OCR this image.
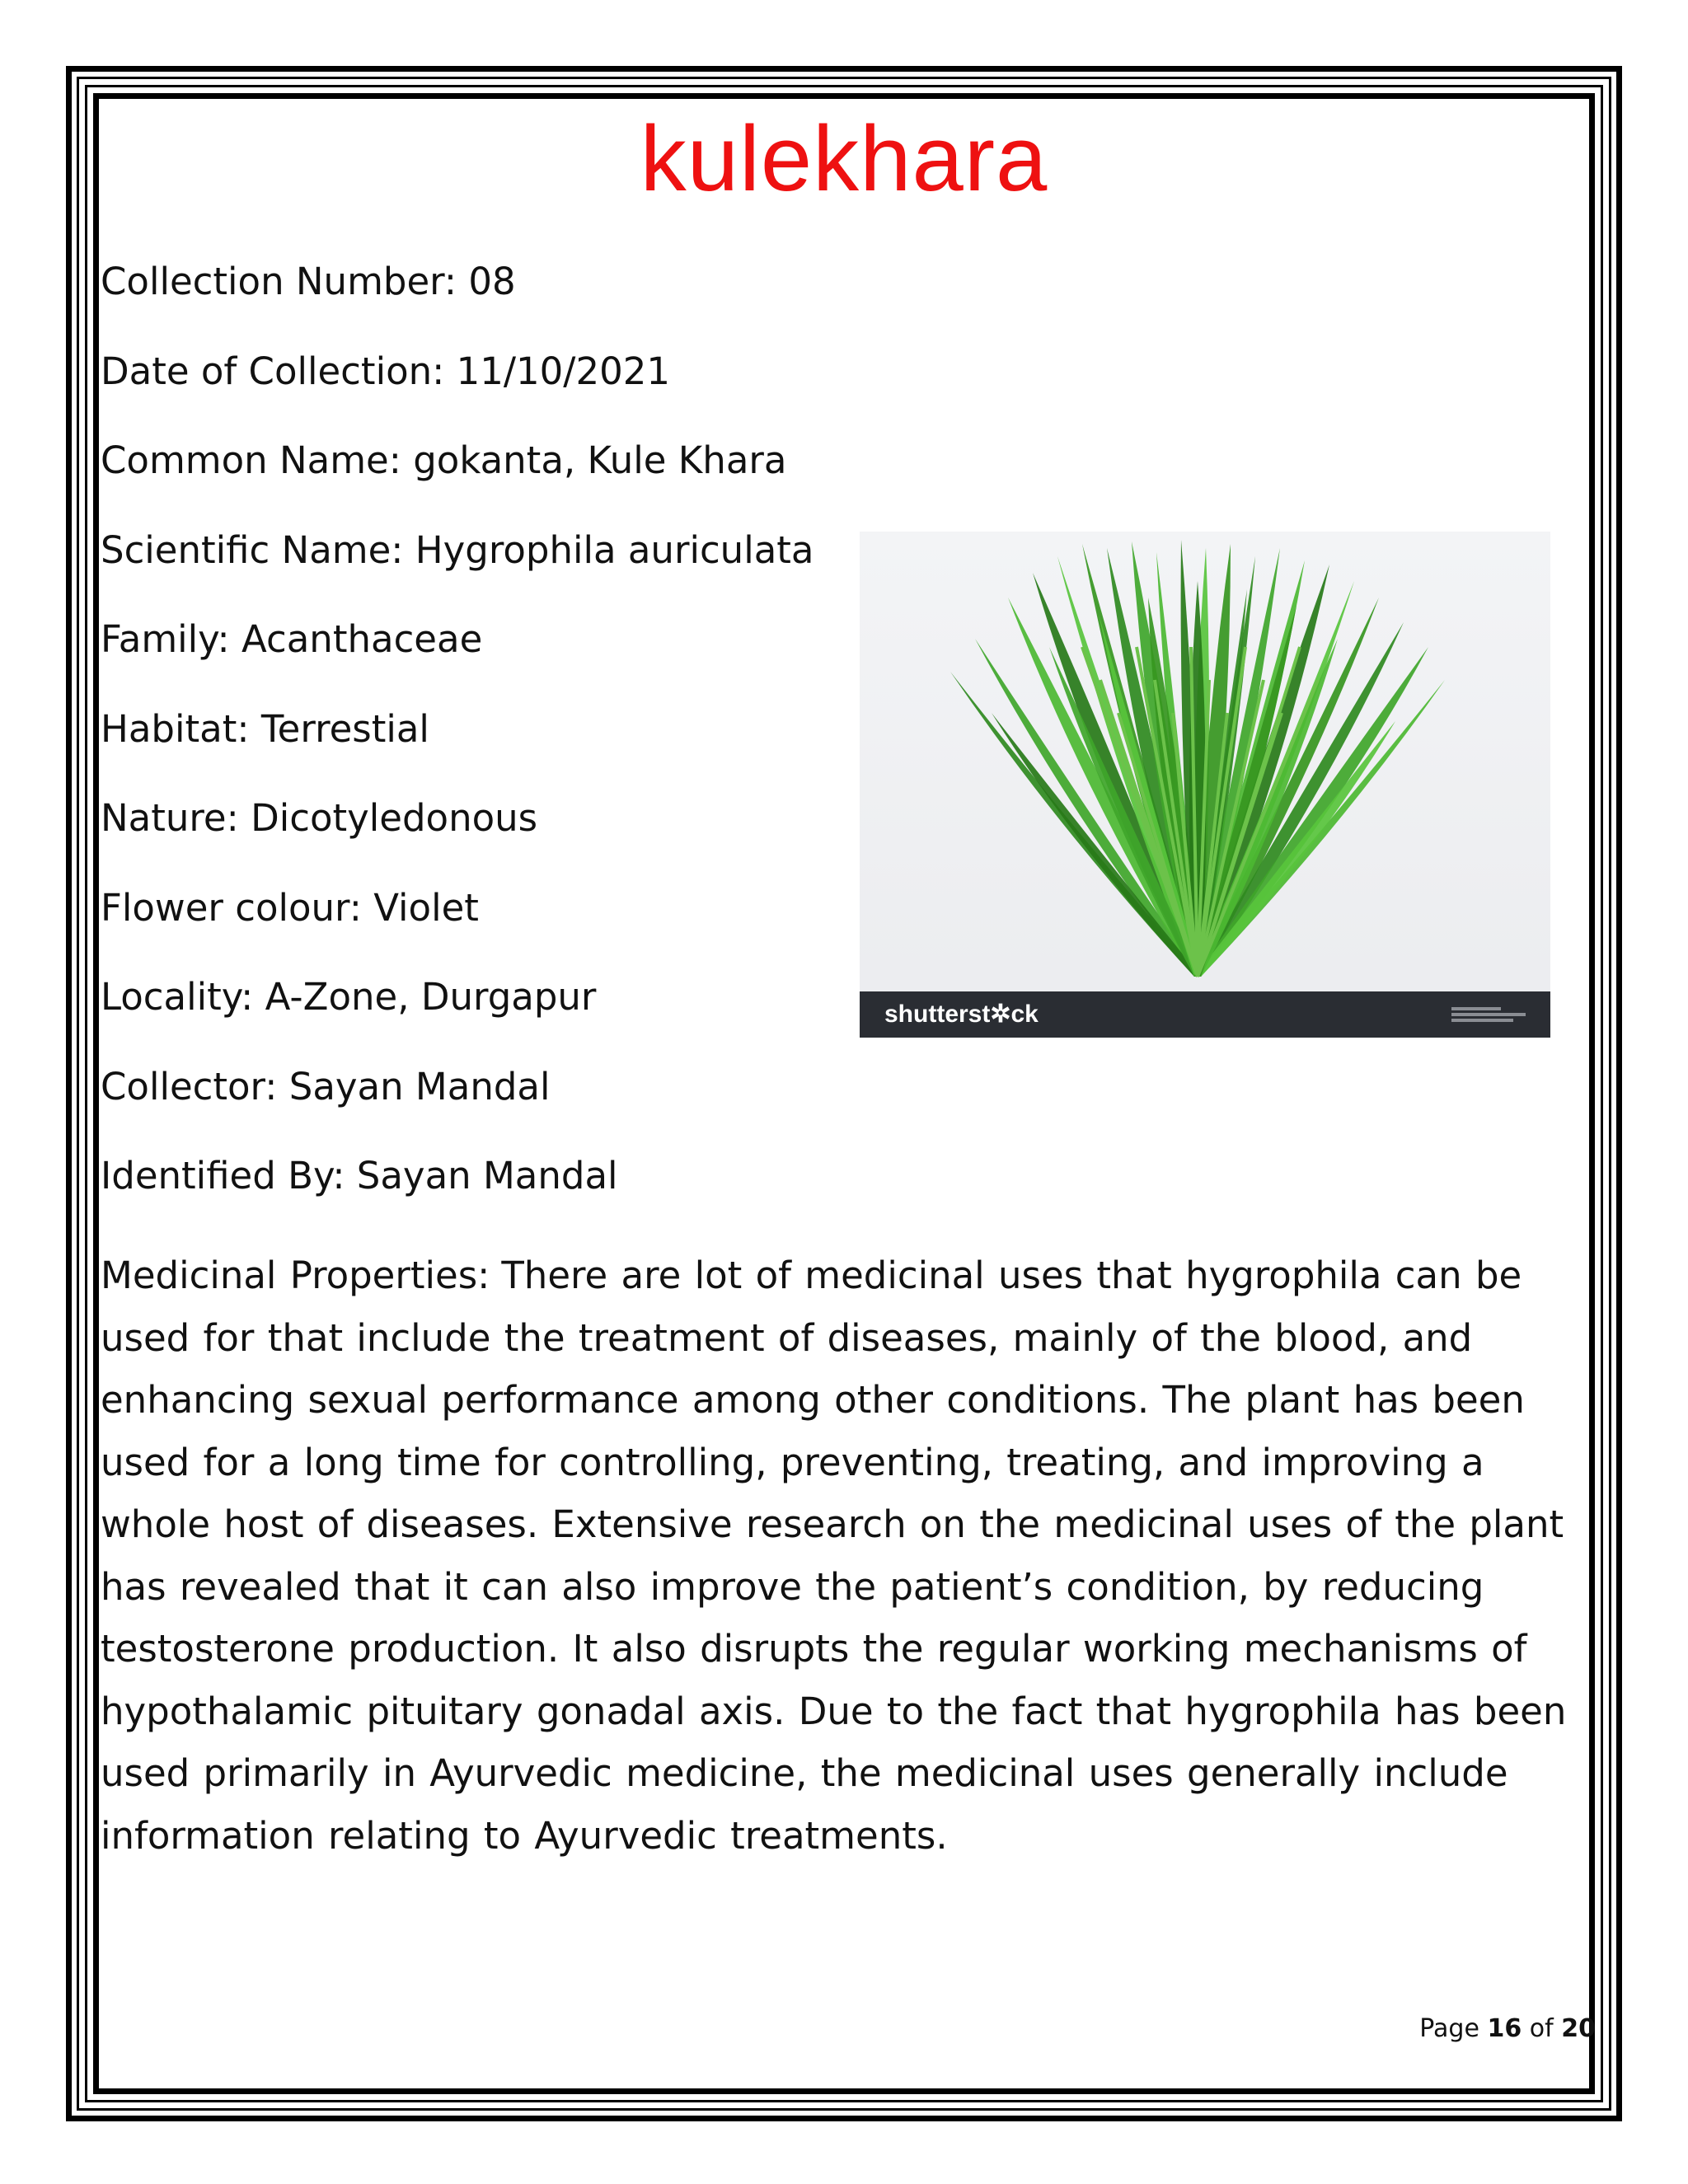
kulekhara
Collection Number: 08
Date of Collection: 11/10/2021
Common Name: gokanta, Kule Khara
Scientific Name: Hygrophila auriculata
Family: Acanthaceae
Habitat: Terrestial
Nature: Dicotyledonous
Flower colour: Violet
Locality: A-Zone, Durgapur
Collector: Sayan Mandal
Identified By: Sayan Mandal
shutterst✲ck
Medicinal Properties: There are lot of medicinal uses that hygrophila can be used for that include the treatment of diseases, mainly of the blood, and enhancing sexual performance among other conditions. The plant has been used for a long time for controlling, preventing, treating, and improving a whole host of diseases. Extensive research on the medicinal uses of the plant has revealed that it can also improve the patient’s condition, by reducing testosterone production. It also disrupts the regular working mechanisms of hypothalamic pituitary gonadal axis. Due to the fact that hygrophila has been used primarily in Ayurvedic medicine, the medicinal uses generally include information relating to Ayurvedic treatments.
Page 16 of 20
